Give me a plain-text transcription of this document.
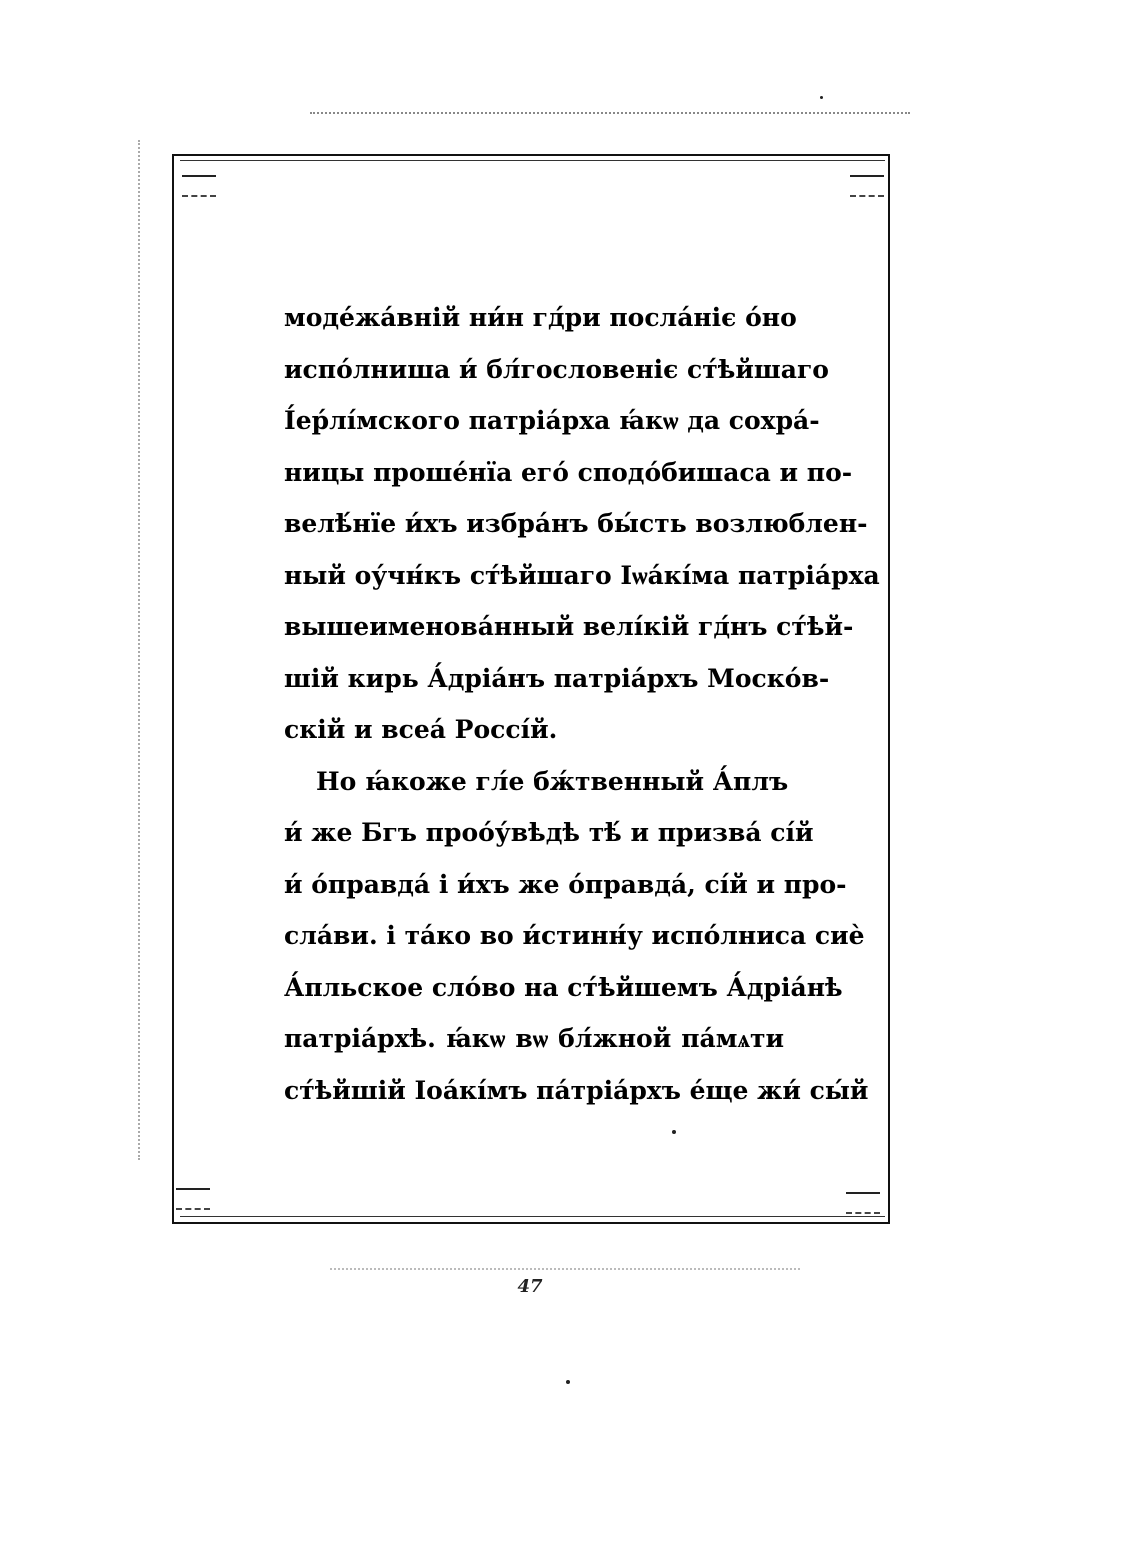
моде́жа́вній ни́н гд́ри посла́ніє о́но
испо́лниша и́ бл́гословеніє ст́ѣйшаго
І́ер́лі́мского патріа́рха ꙗ́кѡ да сохра́-
ницы проше́нїа его́ сподо́бишаса и по-
велѣ́нїе и́хъ избра́нъ бы́сть возлюблен-
ный оу́чн́къ ст́ѣйшаго Іѡа́кі́ма патріа́рха
вышеименова́нный велі́кій гд́нъ ст́ѣй-
шій кирь А́дріа́нъ патріа́рхъ Моско́в-
скій и всеа́ Россі́й.
Но ꙗ́коже гл́е бж́твенный А́плъ
и́ же Бгъ проо́у́вѣдѣ тѣ́ и призва́ сі́й
и́ о́правда́ і и́хъ же о́правда́, сі́й и про-
сла́ви. і та́ко во и́стинн́у испо́лниса сиѐ
А́пльское сло́во на ст́ѣйшемъ А́дріа́нѣ
патріа́рхѣ. ꙗ́кѡ вѡ бл́жной па́мѧти
ст́ѣйшій Іоа́кі́мъ па́тріа́рхъ е́ще жи́ сы́й
47
